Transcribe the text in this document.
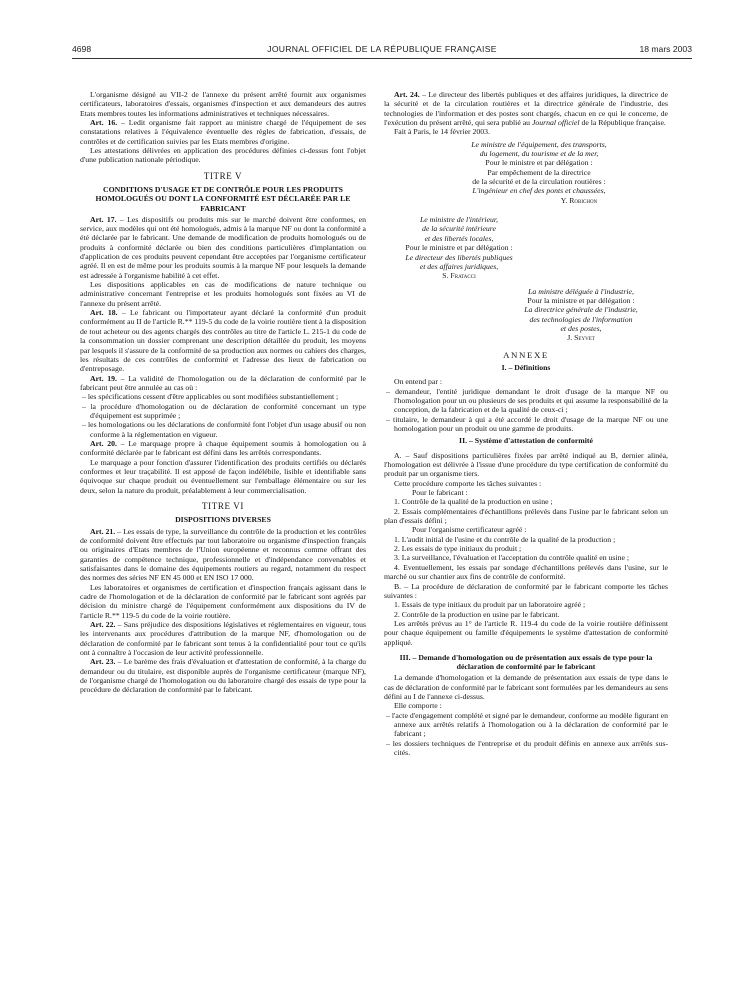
4698	JOURNAL OFFICIEL DE LA RÉPUBLIQUE FRANÇAISE	18 mars 2003

L'organisme désigné au VII-2 de l'annexe du présent arrêté fournit aux organismes certificateurs, laboratoires d'essais, organismes d'inspection et aux demandeurs des autres Etats membres toutes les informations administratives et techniques nécessaires.

Art. 16. – Ledit organisme fait rapport au ministre chargé de l'équipement de ses constatations relatives à l'équivalence éventuelle des règles de fabrication, d'essais, de contrôles et de certification suivies par les Etats membres d'origine.

Les attestations délivrées en application des procédures définies ci-dessus font l'objet d'une publication nationale périodique.

TITRE V
CONDITIONS D'USAGE ET DE CONTRÔLE POUR LES PRODUITS HOMOLOGUÉS OU DONT LA CONFORMITÉ EST DÉCLARÉE PAR LE FABRICANT

Art. 17. – Les dispositifs ou produits mis sur le marché doivent être conformes, en service, aux modèles qui ont été homologués, admis à la marque NF ou dont la conformité a été déclarée par le fabricant. Une demande de modification de produits homologués ou de produits à conformité déclarée ou bien des conditions particulières d'implantation ou d'application de ces produits peuvent cependant être acceptées par l'organisme certificateur agréé. Il en est de même pour les produits soumis à la marque NF pour lesquels la demande est adressée à l'organisme habilité à cet effet.

Les dispositions applicables en cas de modifications de nature technique ou administrative concernant l'entreprise et les produits homologués sont fixées au VI de l'annexe du présent arrêté.

Art. 18. – Le fabricant ou l'importateur ayant déclaré la conformité d'un produit conformément au II de l'article R.** 119-5 du code de la voirie routière tient à la disposition de tout acheteur ou des agents chargés des contrôles au titre de l'article L. 215-1 du code de la consommation un dossier comprenant une description détaillée du produit, les moyens par lesquels il s'assure de la conformité de sa production aux normes ou cahiers des charges, les résultats de ces contrôles de conformité et l'adresse des lieux de fabrication ou d'entreposage.

Art. 19. – La validité de l'homologation ou de la déclaration de conformité par le fabricant peut être annulée au cas où :

– les spécifications cessent d'être applicables ou sont modifiées substantiellement ;

– la procédure d'homologation ou de déclaration de conformité concernant un type d'équipement est supprimée ;

– les homologations ou les déclarations de conformité font l'objet d'un usage abusif ou non conforme à la réglementation en vigueur.

Art. 20. – Le marquage propre à chaque équipement soumis à homologation ou à conformité déclarée par le fabricant est défini dans les arrêtés correspondants.

Le marquage a pour fonction d'assurer l'identification des produits certifiés ou déclarés conformes et leur traçabilité. Il est apposé de façon indélébile, lisible et identifiable sans équivoque sur chaque produit ou éventuellement sur l'emballage élémentaire ou sur les deux, selon la nature du produit, préalablement à leur commercialisation.

TITRE VI
DISPOSITIONS DIVERSES

Art. 21. – Les essais de type, la surveillance du contrôle de la production et les contrôles de conformité doivent être effectués par tout laboratoire ou organisme d'inspection français ou originaires d'Etats membres de l'Union européenne et reconnus comme offrant des garanties de compétence technique, professionnelle et d'indépendance convenables et satisfaisantes dans le domaine des équipements routiers au regard, notamment du respect des normes des séries NF EN 45 000 et EN ISO 17 000.

Les laboratoires et organismes de certification et d'inspection français agissant dans le cadre de l'homologation et de la déclaration de conformité par le fabricant sont agréés par décision du ministre chargé de l'équipement conformément aux dispositions du IV de l'article R.** 119-5 du code de la voirie routière.

Art. 22. – Sans préjudice des dispositions législatives et réglementaires en vigueur, tous les intervenants aux procédures d'attribution de la marque NF, d'homologation ou de déclaration de conformité par le fabricant sont tenus à la confidentialité pour tout ce qu'ils ont à connaître à l'occasion de leur activité professionnelle.

Art. 23. – Le barème des frais d'évaluation et d'attestation de conformité, à la charge du demandeur ou du titulaire, est disponible auprès de l'organisme certificateur (marque NF), de l'organisme chargé de l'homologation ou du laboratoire chargé des essais de type pour la procédure de déclaration de conformité par le fabricant.

Art. 24. – Le directeur des libertés publiques et des affaires juridiques, la directrice de la sécurité et de la circulation routières et la directrice générale de l'industrie, des technologies de l'information et des postes sont chargés, chacun en ce qui le concerne, de l'exécution du présent arrêté, qui sera publié au Journal officiel de la République française.

Fait à Paris, le 14 février 2003.

Le ministre de l'équipement, des transports,
du logement, du tourisme et de la mer,
Pour le ministre et par délégation :
Par empêchement de la directrice
de la sécurité et de la circulation routières :
L'ingénieur en chef des ponts et chaussées,
Y. Robichon
Le ministre de l'intérieur,
de la sécurité intérieure
et des libertés locales,
Pour le ministre et par délégation :
Le directeur des libertés publiques
et des affaires juridiques,
S. Fratacci
La ministre déléguée à l'industrie,
Pour la ministre et par délégation :
La directrice générale de l'industrie,
des technologies de l'information
et des postes,
J. Seyvet
ANNEXE
I. – Définitions

On entend par :

– demandeur, l'entité juridique demandant le droit d'usage de la marque NF ou l'homologation pour un ou plusieurs de ses produits et qui assume la responsabilité de la conception, de la fabrication et de la qualité de ceux-ci ;

– titulaire, le demandeur à qui a été accordé le droit d'usage de la marque NF ou une homologation pour un produit ou une gamme de produits.

II. – Système d'attestation de conformité

A. – Sauf dispositions particulières fixées par arrêté indiqué au B, dernier alinéa, l'homologation est délivrée à l'issue d'une procédure du type certification de conformité du produit par un organisme tiers.

Cette procédure comporte les tâches suivantes :

Pour le fabricant :

1. Contrôle de la qualité de la production en usine ;

2. Essais complémentaires d'échantillons prélevés dans l'usine par le fabricant selon un plan d'essais défini ;

Pour l'organisme certificateur agréé :

1. L'audit initial de l'usine et du contrôle de la qualité de la production ;

2. Les essais de type initiaux du produit ;

3. La surveillance, l'évaluation et l'acceptation du contrôle qualité en usine ;

4. Eventuellement, les essais par sondage d'échantillons prélevés dans l'usine, sur le marché ou sur chantier aux fins de contrôle de conformité.

B. – La procédure de déclaration de conformité par le fabricant comporte les tâches suivantes :

1. Essais de type initiaux du produit par un laboratoire agréé ;

2. Contrôle de la production en usine par le fabricant.

Les arrêtés prévus au 1° de l'article R. 119-4 du code de la voirie routière définissent pour chaque équipement ou famille d'équipements le système d'attestation de conformité appliqué.

III. – Demande d'homologation ou de présentation aux essais de type pour la déclaration de conformité par le fabricant

La demande d'homologation et la demande de présentation aux essais de type dans le cas de déclaration de conformité par le fabricant sont formulées par les demandeurs au sens défini au I de l'annexe ci-dessus.

Elle comporte :

– l'acte d'engagement complété et signé par le demandeur, conforme au modèle figurant en annexe aux arrêtés relatifs à l'homologation ou à la déclaration de conformité par le fabricant ;

– les dossiers techniques de l'entreprise et du produit définis en annexe aux arrêtés sus-cités.
